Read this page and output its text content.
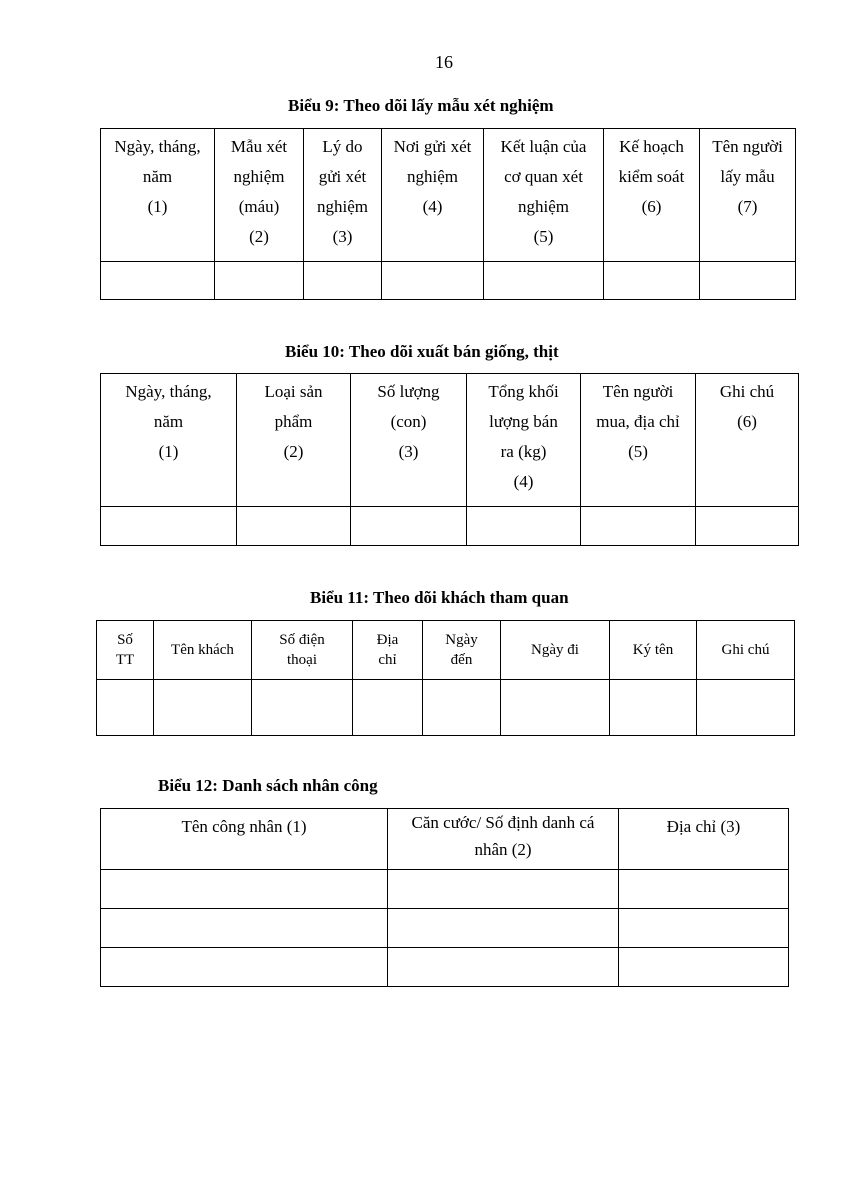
16
Biểu 9: Theo dõi lấy mẫu xét nghiệm
Ngày, tháng,
năm
(1)	Mẫu xét
nghiệm
(máu)
(2)	Lý do
gửi xét
nghiệm
(3)	Nơi gửi xét
nghiệm
(4)	Kết luận của
cơ quan xét
nghiệm
(5)	Kế hoạch
kiểm soát
(6)	Tên người
lấy mẫu
(7)

Biểu 10: Theo dõi xuất bán giống, thịt
Ngày, tháng,
năm
(1)	Loại sản
phẩm
(2)	Số lượng
(con)
(3)	Tổng khối
lượng bán
ra (kg)
(4)	Tên người
mua, địa chỉ
(5)	Ghi chú
(6)

Biểu 11: Theo dõi khách tham quan
Số
TT	Tên khách	Số điện
thoại	Địa
chỉ	Ngày
đến	Ngày đi	Ký tên	Ghi chú

Biểu 12: Danh sách nhân công
Tên công nhân (1)	Căn cước/ Số định danh cá
nhân (2)	Địa chỉ (3)
